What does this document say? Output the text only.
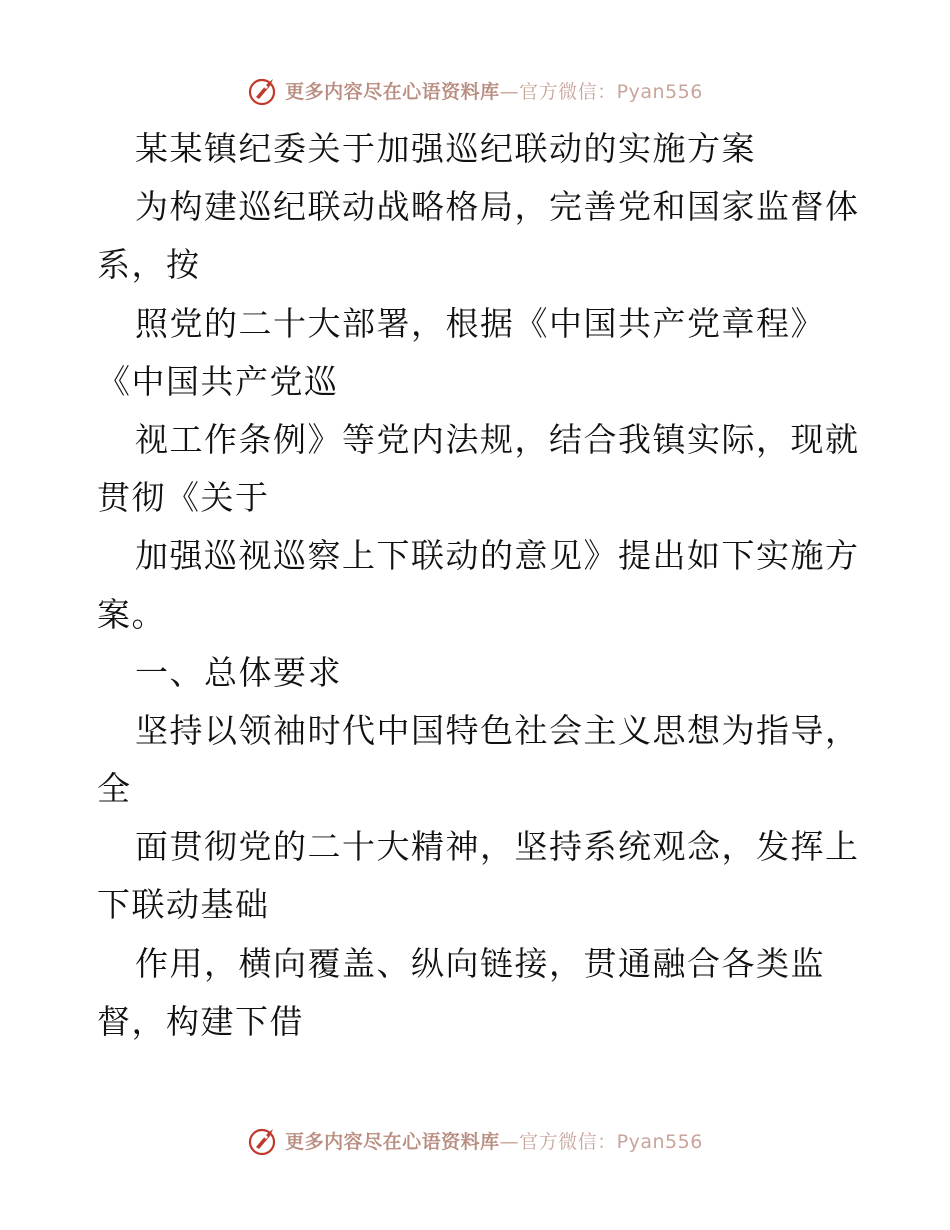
更多内容尽在心语资料库—官方微信：Pyan556
某某镇纪委关于加强巡纪联动的实施方案
为构建巡纪联动战略格局，完善党和国家监督体
系，按
照党的二十大部署，根据《中国共产党章程》
《中国共产党巡
视工作条例》等党内法规，结合我镇实际，现就
贯彻《关于
加强巡视巡察上下联动的意见》提出如下实施方
案。
一、总体要求
坚持以领袖时代中国特色社会主义思想为指导，
全
面贯彻党的二十大精神，坚持系统观念，发挥上
下联动基础
作用，横向覆盖、纵向链接，贯通融合各类监
督，构建下借
更多内容尽在心语资料库—官方微信：Pyan556
